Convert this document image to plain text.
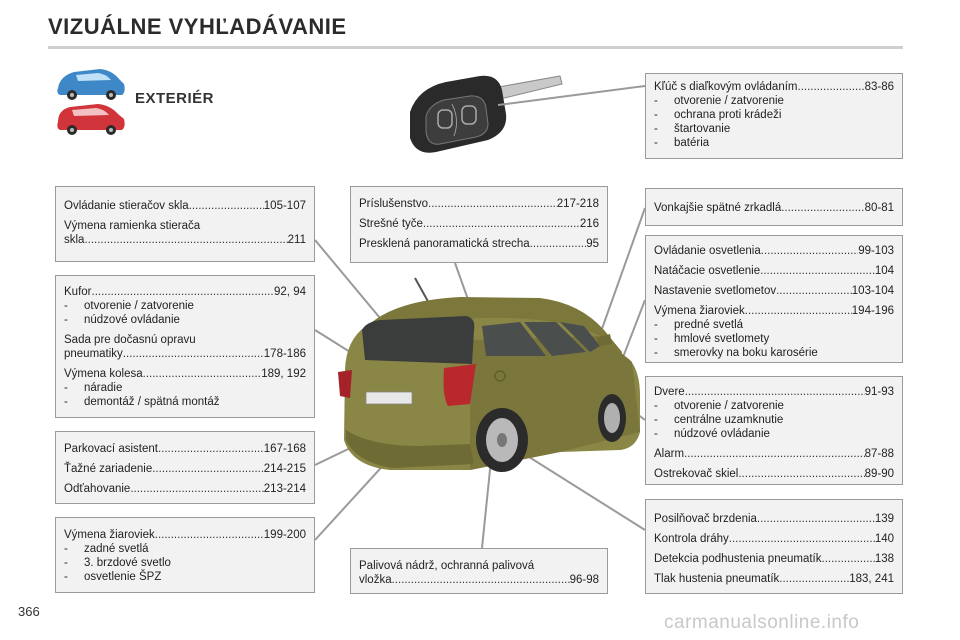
VIZUÁLNE VYHĽADÁVANIE
EXTERIÉR
Kľúč s diaľkovým ovládaním .....	83-86
- otvorenie / zatvorenie
- ochrana proti krádeži
- štartovanie
- batéria
Ovládanie stieračov skla .....	105-107
Výmena ramienka stierača
skla .....	211
Príslušenstvo .....	217-218
Strešné tyče .....	216
Presklená panoramatická strecha .....	95
Vonkajšie spätné zrkadlá .....	80-81
Kufor .....	92, 94
- otvorenie / zatvorenie
- núdzové ovládanie
Sada pre dočasnú opravu
pneumatiky .....	178-186
Výmena kolesa .....	189, 192
- náradie
- demontáž / spätná montáž
Ovládanie osvetlenia .....	99-103
Natáčacie osvetlenie .....	104
Nastavenie svetlometov .....	103-104
Výmena žiaroviek .....	194-196
- predné svetlá
- hmlové svetlomety
- smerovky na boku karosérie
Dvere .....	91-93
- otvorenie / zatvorenie
- centrálne uzamknutie
- núdzové ovládanie
Alarm .....	87-88
Ostrekovač skiel .....	89-90
Parkovací asistent .....	167-168
Ťažné zariadenie .....	214-215
Odťahovanie .....	213-214
Výmena žiaroviek .....	199-200
- zadné svetlá
- 3. brzdové svetlo
- osvetlenie ŠPZ
Palivová nádrž, ochranná palivová
vložka .....	96-98
Posilňovač brzdenia .....	139
Kontrola dráhy .....	140
Detekcia podhustenia pneumatík .....	138
Tlak hustenia pneumatík .....	183, 241
366
carmanualsonline.info
